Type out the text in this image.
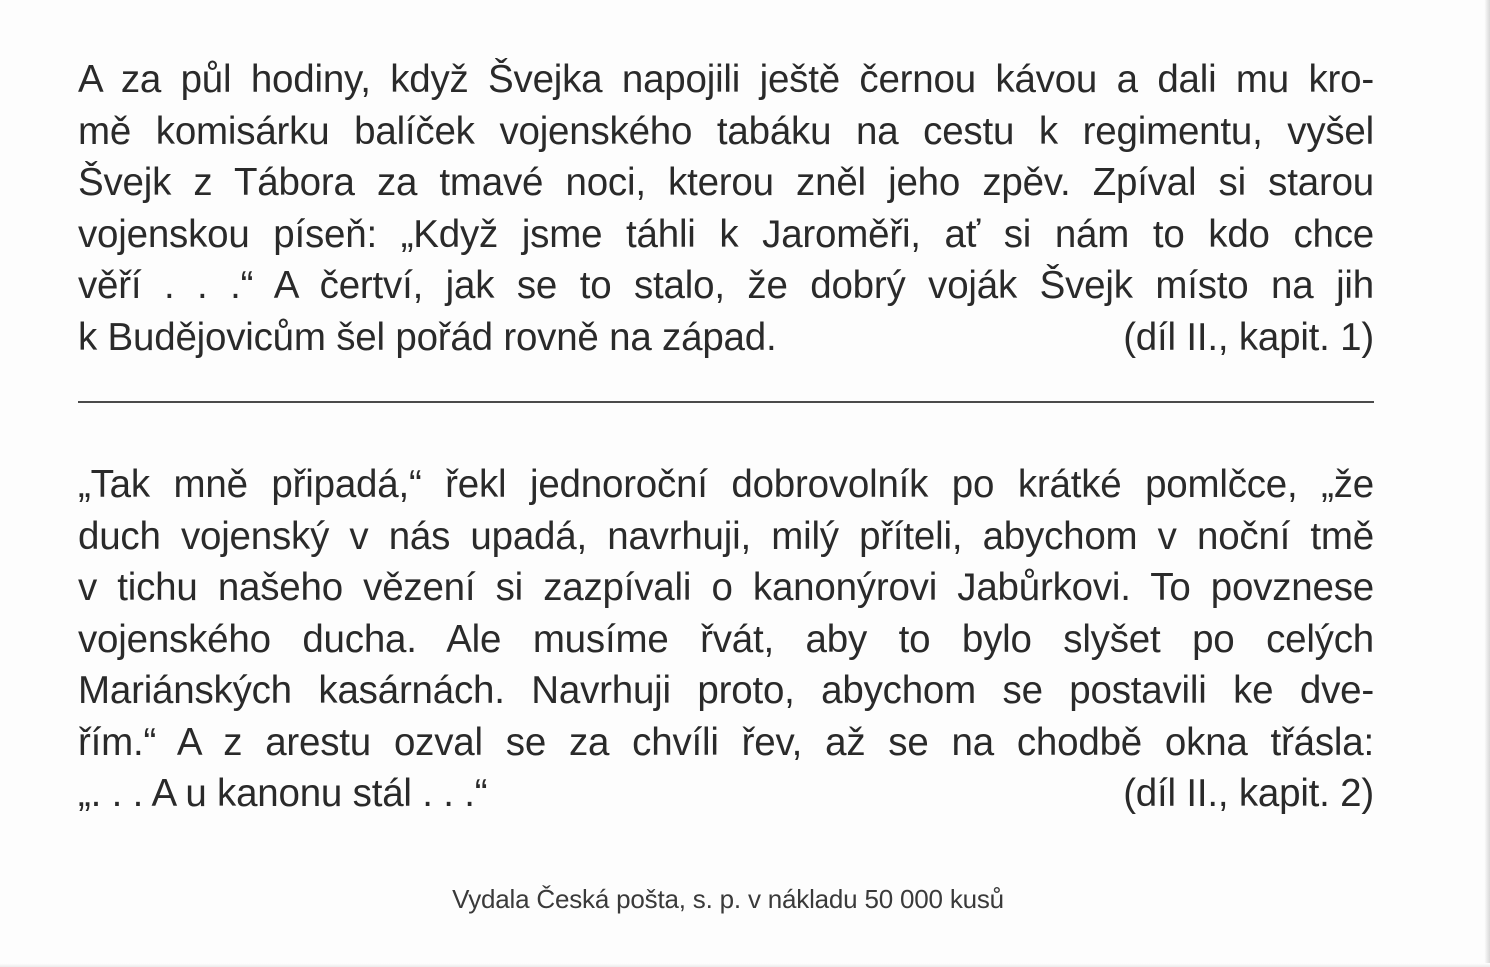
A za půl hodiny, když Švejka napojili ještě černou kávou a dali mu kro-
mě komisárku balíček vojenského tabáku na cestu k regimentu, vyšel
Švejk z Tábora za tmavé noci, kterou zněl jeho zpěv. Zpíval si starou
vojenskou píseň: „Když jsme táhli k Jaroměři, ať si nám to kdo chce
věří . . .“ A čertví, jak se to stalo, že dobrý voják Švejk místo na jih
k Budějovicům šel pořád rovně na západ.	(díl II., kapit. 1)
„Tak mně připadá,“ řekl jednoroční dobrovolník po krátké pomlčce, „že
duch vojenský v nás upadá, navrhuji, milý příteli, abychom v noční tmě
v tichu našeho vězení si zazpívali o kanonýrovi Jabůrkovi. To povznese
vojenského ducha. Ale musíme řvát, aby to bylo slyšet po celých
Mariánských kasárnách. Navrhuji proto, abychom se postavili ke dve-
řím.“ A z arestu ozval se za chvíli řev, až se na chodbě okna třásla:
„. . . A u kanonu stál . . .“	(díl II., kapit. 2)
Vydala Česká pošta, s. p. v nákladu 50 000 kusů
